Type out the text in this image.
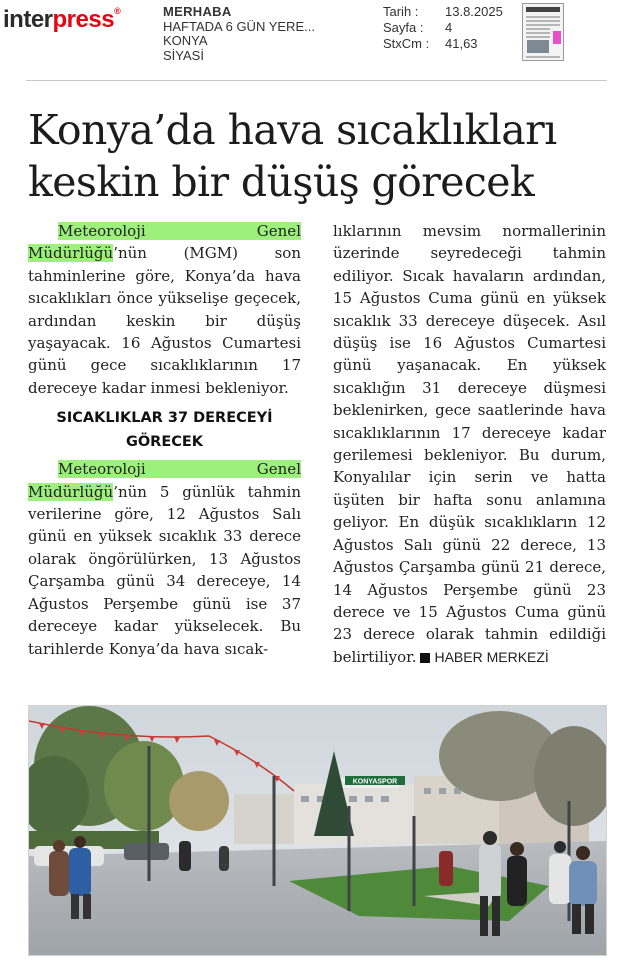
interpress®	MERHABA
HAFTADA 6 GÜN YERE...
KONYA
SİYASİ
Tarih :	13.8.2025
Sayfa :	4
StxCm :	41,63
Konya’da hava sıcaklıkları
keskin bir düşüş görecek

Meteoroloji Genel Müdürlüğü’nün (MGM) son tahminlerine göre, Konya’da hava sıcaklıkları önce yükselişe geçecek, ardından keskin bir düşüş yaşayacak. 16 Ağustos Cumartesi günü gece sıcaklıklarının 17 dereceye kadar inmesi bekleniyor.

SICAKLIKLAR 37 DERECEYİ GÖRECEK

Meteoroloji Genel Müdürlüğü’nün 5 günlük tahmin verilerine göre, 12 Ağustos Salı günü en yüksek sıcaklık 33 derece olarak öngörülürken, 13 Ağustos Çarşamba günü 34 dereceye, 14 Ağustos Perşembe günü ise 37 dereceye kadar yükselecek. Bu tarihlerde Konya’da hava sıcak-

lıklarının mevsim normallerinin üzerinde seyredeceği tahmin ediliyor. Sıcak havaların ardından, 15 Ağustos Cuma günü en yüksek sıcaklık 33 dereceye düşecek. Asıl düşüş ise 16 Ağustos Cumartesi günü yaşanacak. En yüksek sıcaklığın 31 dereceye düşmesi beklenirken, gece saatlerinde hava sıcaklıklarının 17 dereceye kadar gerilemesi bekleniyor. Bu durum, Konyalılar için serin ve hatta üşüten bir hafta sonu anlamına geliyor. En düşük sıcaklıkların 12 Ağustos Salı günü 22 derece, 13 Ağustos Çarşamba günü 21 derece, 14 Ağustos Perşembe günü 23 derece ve 15 Ağustos Cuma günü 23 derece olarak tahmin edildiği belirtiliyor. HABER MERKEZİ

KONYASPOR
